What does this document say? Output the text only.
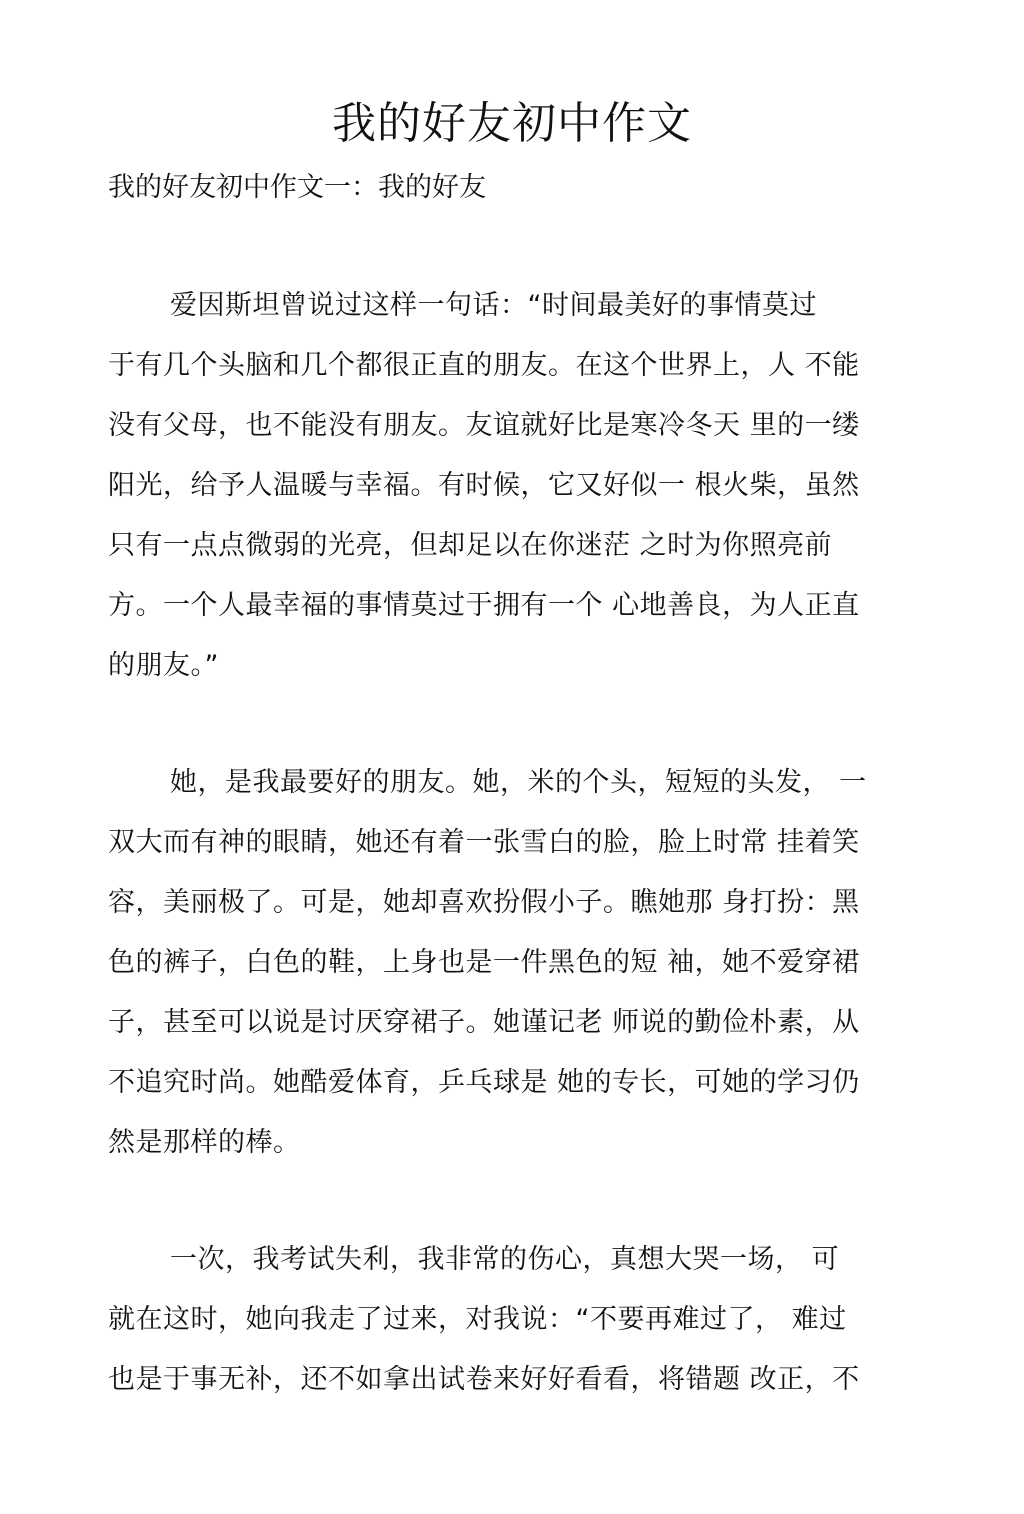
我的好友初中作文
我的好友初中作文一：我的好友
爱因斯坦曾说过这样一句话：“时间最美好的事情莫过
于有几个头脑和几个都很正直的朋友。在这个世界上，人 不能
没有父母，也不能没有朋友。友谊就好比是寒冷冬天 里的一缕
阳光，给予人温暖与幸福。有时候，它又好似一 根火柴，虽然
只有一点点微弱的光亮，但却足以在你迷茫 之时为你照亮前
方。一个人最幸福的事情莫过于拥有一个 心地善良，为人正直
的朋友。”
她，是我最要好的朋友。她，米的个头，短短的头发， 一
双大而有神的眼睛，她还有着一张雪白的脸，脸上时常 挂着笑
容，美丽极了。可是，她却喜欢扮假小子。瞧她那 身打扮：黑
色的裤子，白色的鞋，上身也是一件黑色的短 袖，她不爱穿裙
子，甚至可以说是讨厌穿裙子。她谨记老 师说的勤俭朴素，从
不追究时尚。她酷爱体育，乒乓球是 她的专长，可她的学习仍
然是那样的棒。
一次，我考试失利，我非常的伤心，真想大哭一场， 可
就在这时，她向我走了过来，对我说：“不要再难过了， 难过
也是于事无补，还不如拿出试卷来好好看看，将错题 改正，不
